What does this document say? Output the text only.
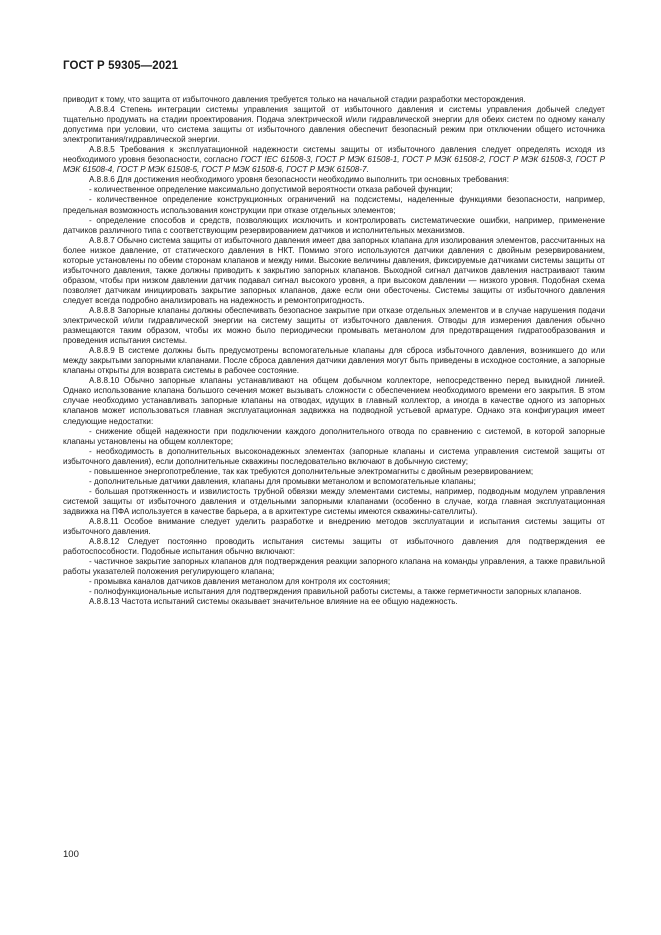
ГОСТ Р 59305—2021

приводит к тому, что защита от избыточного давления требуется только на начальной стадии разработки месторождения.

А.8.8.4 Степень интеграции системы управления защитой от избыточного давления и системы управления добычей следует тщательно продумать на стадии проектирования. Подача электрической и/или гидравлической энергии для обеих систем по одному каналу допустима при условии, что система защиты от избыточного давления обеспечит безопасный режим при отключении общего источника электропитания/гидравлической энергии.

А.8.8.5 Требования к эксплуатационной надежности системы защиты от избыточного давления следует определять исходя из необходимого уровня безопасности, согласно ГОСТ IEC 61508-3, ГОСТ Р МЭК 61508-1, ГОСТ Р МЭК 61508-2, ГОСТ Р МЭК 61508-3, ГОСТ Р МЭК 61508-4, ГОСТ Р МЭК 61508-5, ГОСТ Р МЭК 61508-6, ГОСТ Р МЭК 61508-7.

А.8.8.6 Для достижения необходимого уровня безопасности необходимо выполнить три основных требования:

- количественное определение максимально допустимой вероятности отказа рабочей функции;

- количественное определение конструкционных ограничений на подсистемы, наделенные функциями безопасности, например, предельная возможность использования конструкции при отказе отдельных элементов;

- определение способов и средств, позволяющих исключить и контролировать систематические ошибки, например, применение датчиков различного типа с соответствующим резервированием датчиков и исполнительных механизмов.

А.8.8.7 Обычно система защиты от избыточного давления имеет два запорных клапана для изолирования элементов, рассчитанных на более низкое давление, от статического давления в НКТ. Помимо этого используются датчики давления с двойным резервированием, которые установлены по обеим сторонам клапанов и между ними. Высокие величины давления, фиксируемые датчиками системы защиты от избыточного давления, также должны приводить к закрытию запорных клапанов. Выходной сигнал датчиков давления настраивают таким образом, чтобы при низком давлении датчик подавал сигнал высокого уровня, а при высоком давлении — низкого уровня. Подобная схема позволяет датчикам инициировать закрытие запорных клапанов, даже если они обесточены. Системы защиты от избыточного давления следует всегда подробно анализировать на надежность и ремонтопригодность.

А.8.8.8 Запорные клапаны должны обеспечивать безопасное закрытие при отказе отдельных элементов и в случае нарушения подачи электрической и/или гидравлической энергии на систему защиты от избыточного давления. Отводы для измерения давления обычно размещаются таким образом, чтобы их можно было периодически промывать метанолом для предотвращения гидратообразования и проведения испытания системы.

А.8.8.9 В системе должны быть предусмотрены вспомогательные клапаны для сброса избыточного давления, возникшего до или между закрытыми запорными клапанами. После сброса давления датчики давления могут быть приведены в исходное состояние, а запорные клапаны открыты для возврата системы в рабочее состояние.

А.8.8.10 Обычно запорные клапаны устанавливают на общем добычном коллекторе, непосредственно перед выкидной линией. Однако использование клапана большого сечения может вызывать сложности с обеспечением необходимого времени его закрытия. В этом случае необходимо устанавливать запорные клапаны на отводах, идущих в главный коллектор, а иногда в качестве одного из запорных клапанов может использоваться главная эксплуатационная задвижка на подводной устьевой арматуре. Однако эта конфигурация имеет следующие недостатки:

- снижение общей надежности при подключении каждого дополнительного отвода по сравнению с системой, в которой запорные клапаны установлены на общем коллекторе;

- необходимость в дополнительных высоконадежных элементах (запорные клапаны и система управления системой защиты от избыточного давления), если дополнительные скважины последовательно включают в добычную систему;

- повышенное энергопотребление, так как требуются дополнительные электромагниты с двойным резервированием;

- дополнительные датчики давления, клапаны для промывки метанолом и вспомогательные клапаны;

- большая протяженность и извилистость трубной обвязки между элементами системы, например, подводным модулем управления системой защиты от избыточного давления и отдельными запорными клапанами (особенно в случае, когда главная эксплуатационная задвижка на ПФА используется в качестве барьера, а в архитектуре системы имеются скважины-сателлиты).

А.8.8.11 Особое внимание следует уделить разработке и внедрению методов эксплуатации и испытания системы защиты от избыточного давления.

А.8.8.12 Следует постоянно проводить испытания системы защиты от избыточного давления для подтверждения ее работоспособности. Подобные испытания обычно включают:

- частичное закрытие запорных клапанов для подтверждения реакции запорного клапана на команды управления, а также правильной работы указателей положения регулирующего клапана;

- промывка каналов датчиков давления метанолом для контроля их состояния;

- полнофункциональные испытания для подтверждения правильной работы системы, а также герметичности запорных клапанов.

А.8.8.13 Частота испытаний системы оказывает значительное влияние на ее общую надежность.

100
